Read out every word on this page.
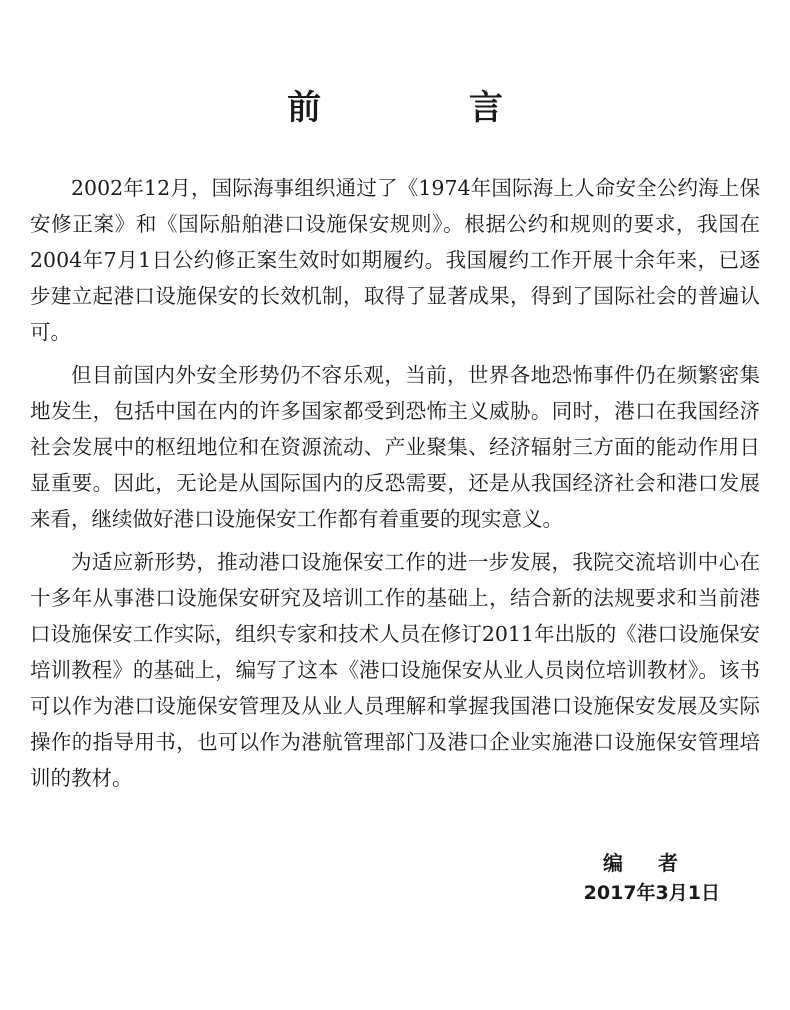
前 言

2002年12月，国际海事组织通过了《1974年国际海上人命安全公约海上保安修正案》和《国际船舶港口设施保安规则》。根据公约和规则的要求，我国在2004年7月1日公约修正案生效时如期履约。我国履约工作开展十余年来，已逐步建立起港口设施保安的长效机制，取得了显著成果，得到了国际社会的普遍认可。

但目前国内外安全形势仍不容乐观，当前，世界各地恐怖事件仍在频繁密集地发生，包括中国在内的许多国家都受到恐怖主义威胁。同时，港口在我国经济社会发展中的枢纽地位和在资源流动、产业聚集、经济辐射三方面的能动作用日显重要。因此，无论是从国际国内的反恐需要，还是从我国经济社会和港口发展来看，继续做好港口设施保安工作都有着重要的现实意义。

为适应新形势，推动港口设施保安工作的进一步发展，我院交流培训中心在十多年从事港口设施保安研究及培训工作的基础上，结合新的法规要求和当前港口设施保安工作实际，组织专家和技术人员在修订2011年出版的《港口设施保安培训教程》的基础上，编写了这本《港口设施保安从业人员岗位培训教材》。该书可以作为港口设施保安管理及从业人员理解和掌握我国港口设施保安发展及实际操作的指导用书，也可以作为港航管理部门及港口企业实施港口设施保安管理培训的教材。

编 者
2017年3月1日
